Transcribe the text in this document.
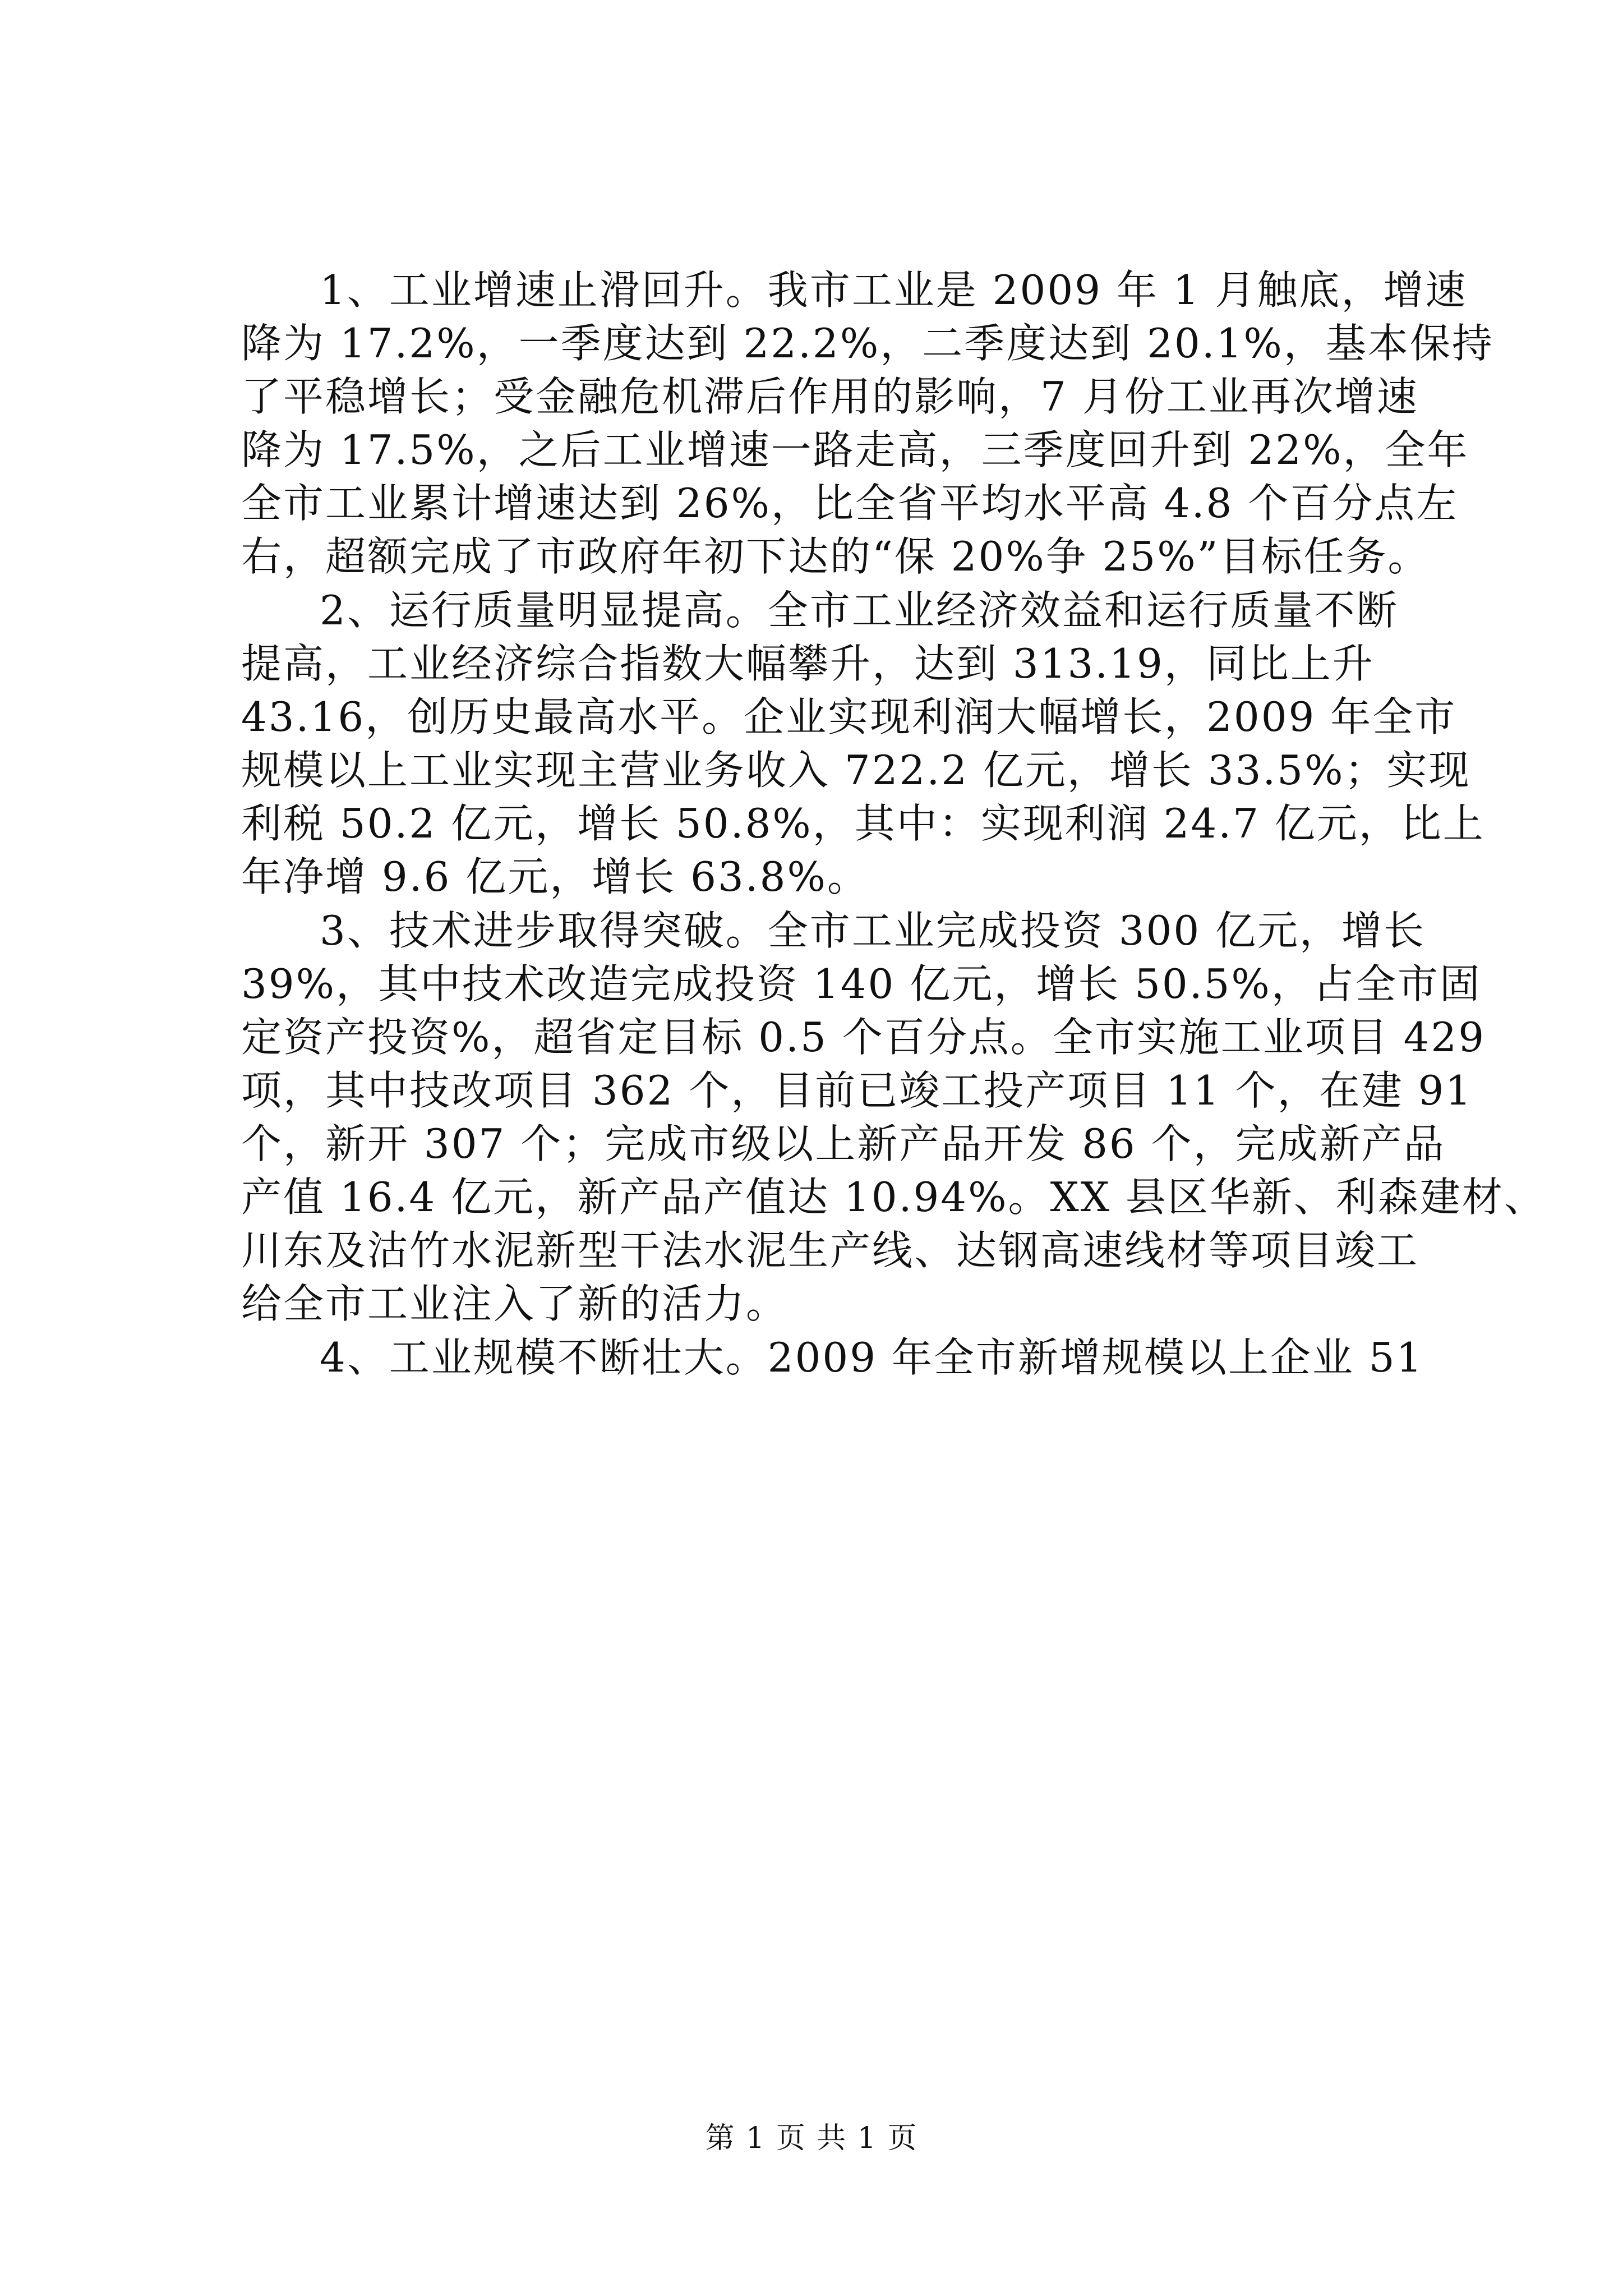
1、工业增速止滑回升。我市工业是 2009 年 1 月触底，增速
降为 17.2%，一季度达到 22.2%，二季度达到 20.1%，基本保持
了平稳增长；受金融危机滞后作用的影响，7 月份工业再次增速
降为 17.5%，之后工业增速一路走高，三季度回升到 22%，全年
全市工业累计增速达到 26%，比全省平均水平高 4.8 个百分点左
右，超额完成了市政府年初下达的“保 20%争 25%”目标任务。
2、运行质量明显提高。全市工业经济效益和运行质量不断
提高，工业经济综合指数大幅攀升，达到 313.19，同比上升
43.16，创历史最高水平。企业实现利润大幅增长，2009 年全市
规模以上工业实现主营业务收入 722.2 亿元，增长 33.5%；实现
利税 50.2 亿元，增长 50.8%，其中：实现利润 24.7 亿元，比上
年净增 9.6 亿元，增长 63.8%。
3、技术进步取得突破。全市工业完成投资 300 亿元，增长
39%，其中技术改造完成投资 140 亿元，增长 50.5%，占全市固
定资产投资%，超省定目标 0.5 个百分点。全市实施工业项目 429
项，其中技改项目 362 个，目前已竣工投产项目 11 个，在建 91
个，新开 307 个；完成市级以上新产品开发 86 个，完成新产品
产值 16.4 亿元，新产品产值达 10.94%。XX 县区华新、利森建材、
川东及沽竹水泥新型干法水泥生产线、达钢高速线材等项目竣工
给全市工业注入了新的活力。
4、工业规模不断壮大。2009 年全市新增规模以上企业 51
第 1 页 共 1 页
